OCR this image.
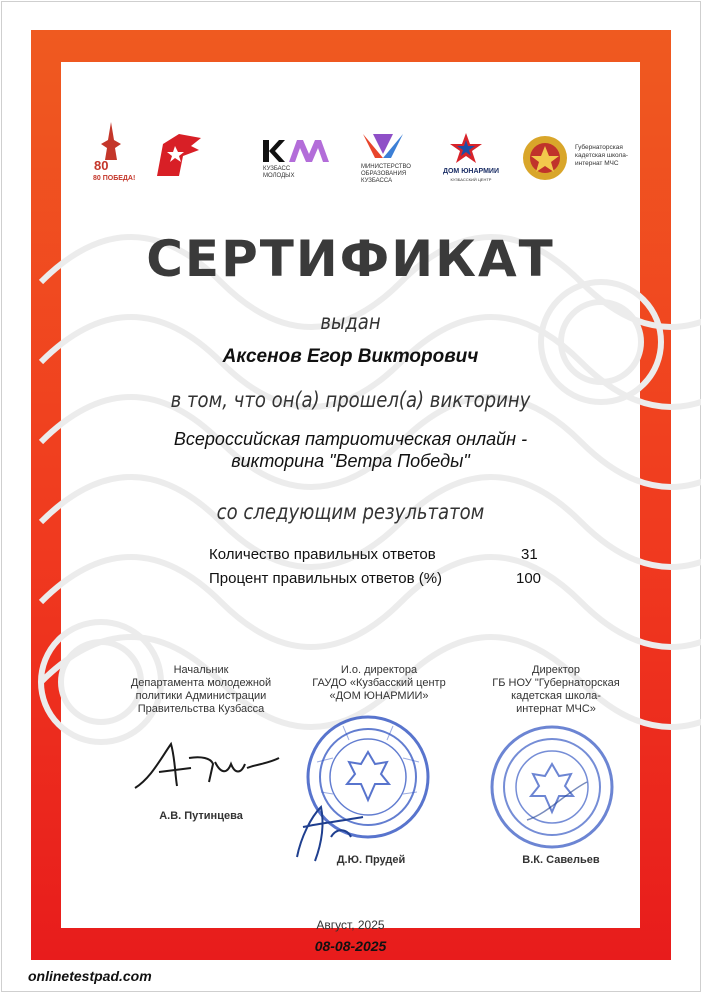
80
80 ПОБЕДА!
КУЗБАСС МОЛОДЫХ
МИНИСТЕРСТВО ОБРАЗОВАНИЯ КУЗБАССА
ДОМ ЮНАРМИИ
КУЗБАССКИЙ ЦЕНТР
Губернаторская кадетская школа-интернат МЧС
СЕРТИФИКАТ
выдан
Аксенов Егор Викторович
в том, что он(а) прошел(а) викторину
Всероссийская патриотическая онлайн -
викторина "Ветра Победы"
со следующим результатом
Количество правильных ответов	31
Процент правильных ответов (%)	100
Начальник
Департамента молодежной
политики Администрации
Правительства Кузбасса
А.В. Путинцева
И.о. директора
ГАУДО «Кузбасский центр
«ДОМ ЮНАРМИИ»
Д.Ю. Прудей
Директор
ГБ НОУ "Губернаторская
кадетская школа-
интернат МЧС»
В.К. Савельев
Август, 2025
08-08-2025
onlinetestpad.com
